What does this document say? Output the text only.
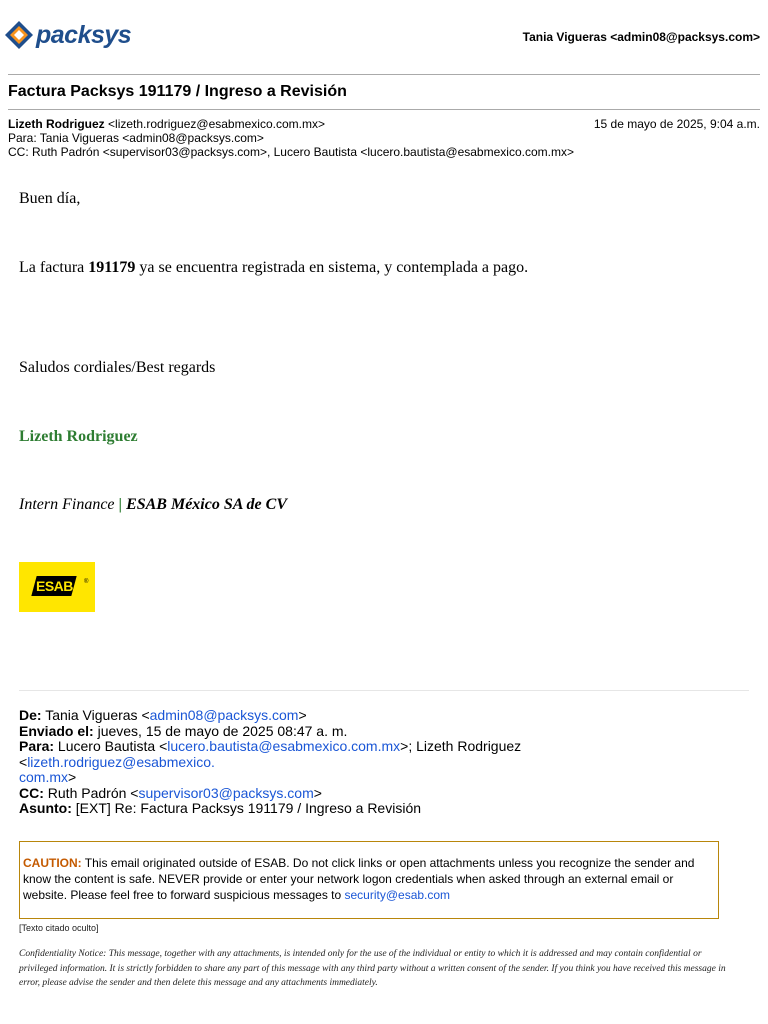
packsys	Tania Vigueras <admin08@packsys.com>
Factura Packsys 191179 / Ingreso a Revisión
Lizeth Rodriguez <lizeth.rodriguez@esabmexico.com.mx>	15 de mayo de 2025, 9:04 a.m.
Para: Tania Vigueras <admin08@packsys.com>
CC: Ruth Padrón <supervisor03@packsys.com>, Lucero Bautista <lucero.bautista@esabmexico.com.mx>
Buen día,
La factura 191179 ya se encuentra registrada en sistema, y contemplada a pago.
Saludos cordiales/Best regards
Lizeth Rodriguez
Intern Finance | ESAB México SA de CV
ESAB ®
De: Tania Vigueras <admin08@packsys.com>
Enviado el: jueves, 15 de mayo de 2025 08:47 a. m.
Para: Lucero Bautista <lucero.bautista@esabmexico.com.mx>; Lizeth Rodriguez <lizeth.rodriguez@esabmexico.
com.mx>
CC: Ruth Padrón <supervisor03@packsys.com>
Asunto: [EXT] Re: Factura Packsys 191179 / Ingreso a Revisión
CAUTION: This email originated outside of ESAB. Do not click links or open attachments unless you recognize the sender and know the content is safe. NEVER provide or enter your network logon credentials when asked through an external email or website. Please feel free to forward suspicious messages to security@esab.com
[Texto citado oculto]
Confidentiality Notice: This message, together with any attachments, is intended only for the use of the individual or entity to which it is addressed and may contain confidential or privileged information. It is strictly forbidden to share any part of this message with any third party without a written consent of the sender. If you think you have received this message in error, please advise the sender and then delete this message and any attachments immediately.
